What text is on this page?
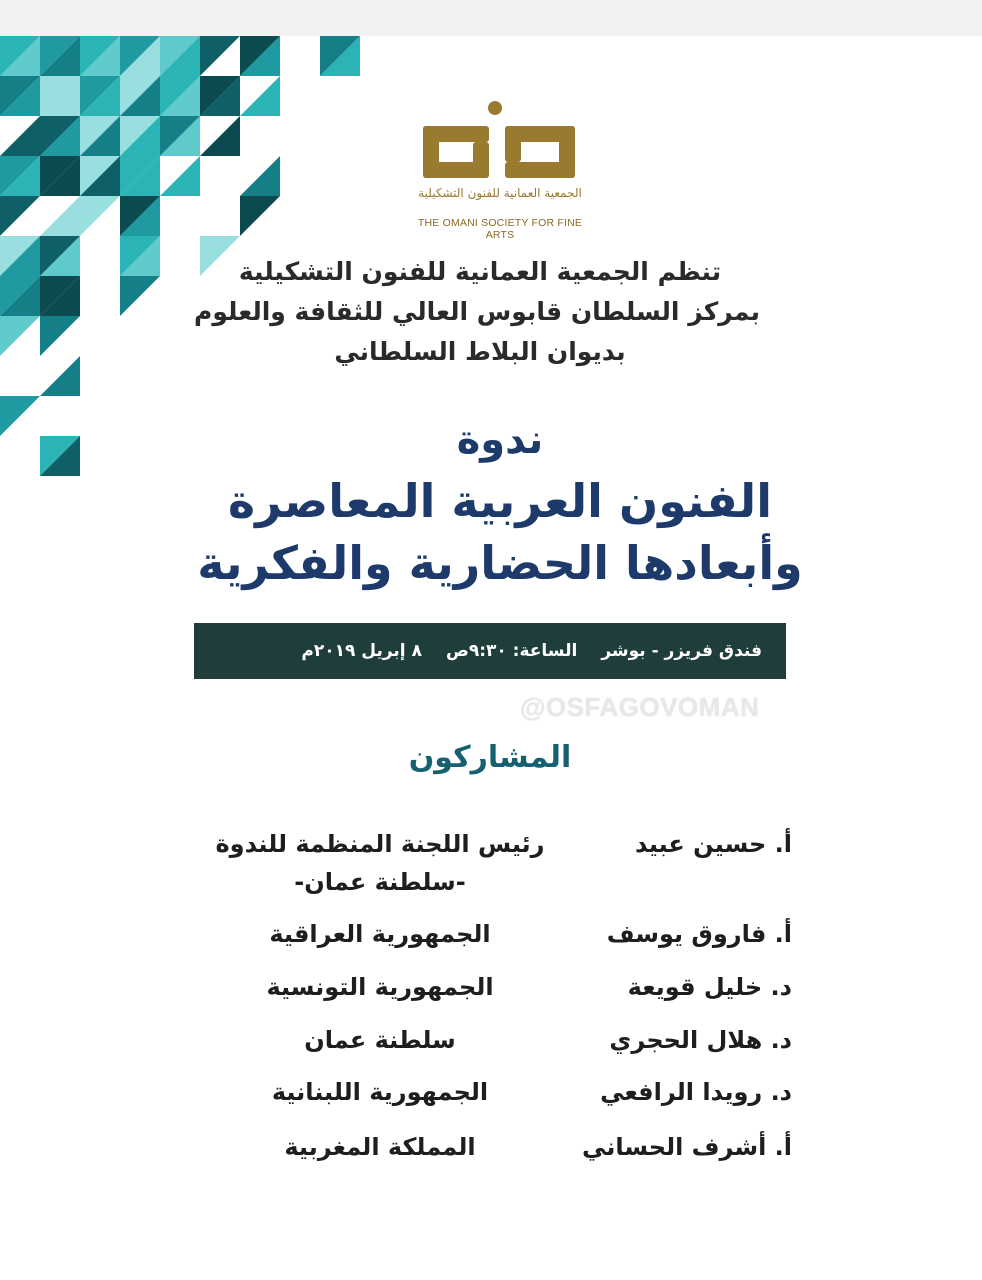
الجمعية العمانية للفنون التشكيلية
THE OMANI SOCIETY FOR FINE ARTS
تنظم الجمعية العمانية للفنون التشكيلية
بمركز السلطان قابوس العالي للثقافة والعلوم
بديوان البلاط السلطاني
ندوة
الفنون العربية المعاصرة
وأبعادها الحضارية والفكرية
فندق فريزر - بوشر
الساعة: ٩:٣٠ص
٨ إبريل ٢٠١٩م
@OSFAGOVOMAN
المشاركون
أ. حسين عبيد
رئيس اللجنة المنظمة للندوة
-سلطنة عمان-
أ. فاروق يوسف
الجمهورية العراقية
د. خليل قويعة
الجمهورية التونسية
د. هلال الحجري
سلطنة عمان
د. رويدا الرافعي
الجمهورية اللبنانية
أ. أشرف الحساني
المملكة المغربية
